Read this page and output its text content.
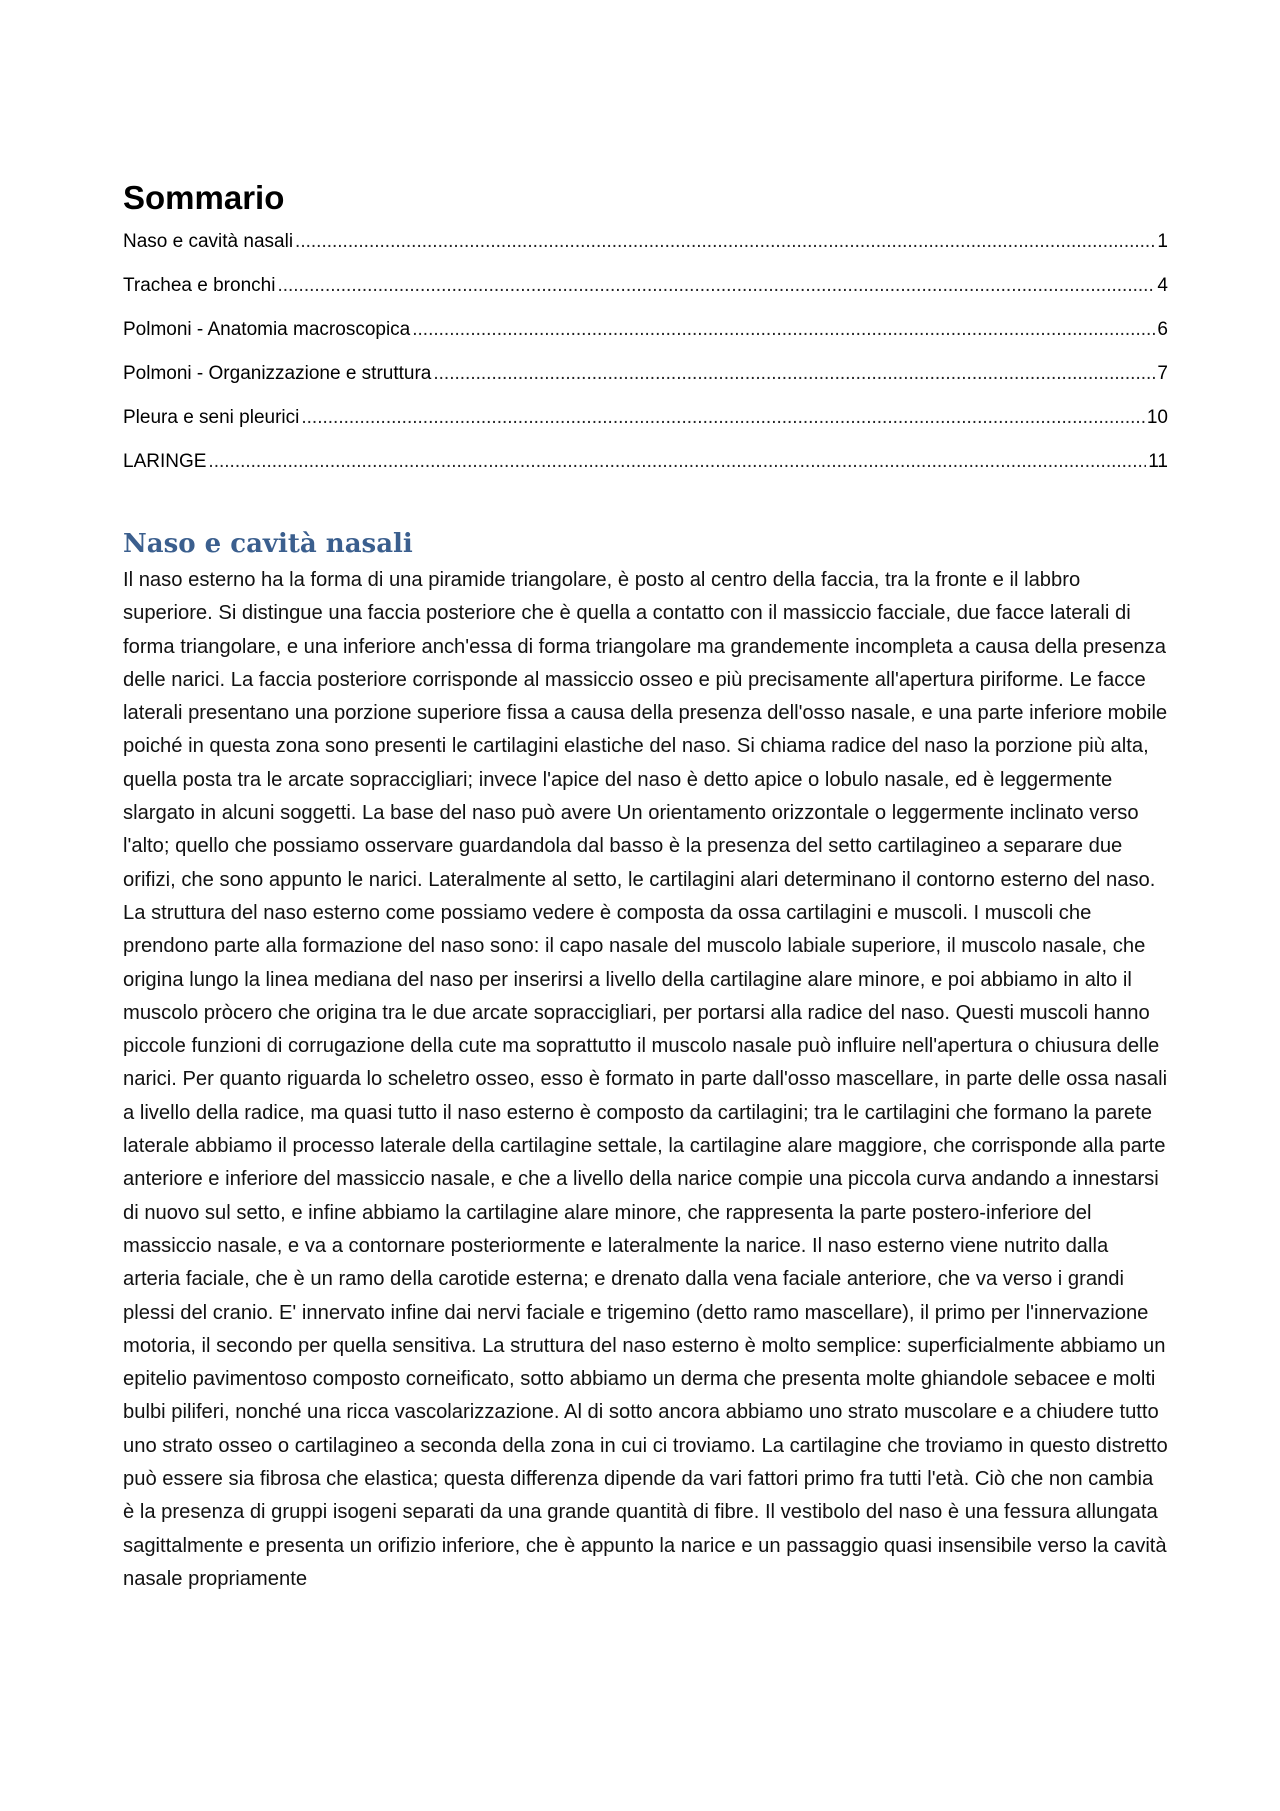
Sommario
Naso e cavità nasali .....	1
Trachea e bronchi .....	4
Polmoni - Anatomia macroscopica .....	6
Polmoni - Organizzazione e struttura .....	7
Pleura e seni pleurici .....	10
LARINGE .....	11
Naso e cavità nasali

Il naso esterno ha la forma di una piramide triangolare, è posto al centro della faccia, tra la fronte e il labbro superiore. Si distingue una faccia posteriore che è quella a contatto con il massiccio facciale, due facce laterali di forma triangolare, e una inferiore anch'essa di forma triangolare ma grandemente incompleta a causa della presenza delle narici. La faccia posteriore corrisponde al massiccio osseo e più precisamente all'apertura piriforme. Le facce laterali presentano una porzione superiore fissa a causa della presenza dell'osso nasale, e una parte inferiore mobile poiché in questa zona sono presenti le cartilagini elastiche del naso. Si chiama radice del naso la porzione più alta, quella posta tra le arcate sopraccigliari; invece l'apice del naso è detto apice o lobulo nasale, ed è leggermente slargato in alcuni soggetti. La base del naso può avere Un orientamento orizzontale o leggermente inclinato verso l'alto; quello che possiamo osservare guardandola dal basso è la presenza del setto cartilagineo a separare due orifizi, che sono appunto le narici. Lateralmente al setto, le cartilagini alari determinano il contorno esterno del naso. La struttura del naso esterno come possiamo vedere è composta da ossa cartilagini e muscoli. I muscoli che prendono parte alla formazione del naso sono: il capo nasale del muscolo labiale superiore, il muscolo nasale, che origina lungo la linea mediana del naso per inserirsi a livello della cartilagine alare minore, e poi abbiamo in alto il muscolo pròcero che origina tra le due arcate sopraccigliari, per portarsi alla radice del naso. Questi muscoli hanno piccole funzioni di corrugazione della cute ma soprattutto il muscolo nasale può influire nell'apertura o chiusura delle narici. Per quanto riguarda lo scheletro osseo, esso è formato in parte dall'osso mascellare, in parte delle ossa nasali a livello della radice, ma quasi tutto il naso esterno è composto da cartilagini; tra le cartilagini che formano la parete laterale abbiamo il processo laterale della cartilagine settale, la cartilagine alare maggiore, che corrisponde alla parte anteriore e inferiore del massiccio nasale, e che a livello della narice compie una piccola curva andando a innestarsi di nuovo sul setto, e infine abbiamo la cartilagine alare minore, che rappresenta la parte postero-inferiore del massiccio nasale, e va a contornare posteriormente e lateralmente la narice. Il naso esterno viene nutrito dalla arteria faciale, che è un ramo della carotide esterna; e drenato dalla vena faciale anteriore, che va verso i grandi plessi del cranio. E' innervato infine dai nervi faciale e trigemino (detto ramo mascellare), il primo per l'innervazione motoria, il secondo per quella sensitiva. La struttura del naso esterno è molto semplice: superficialmente abbiamo un epitelio pavimentoso composto corneificato, sotto abbiamo un derma che presenta molte ghiandole sebacee e molti bulbi piliferi, nonché una ricca vascolarizzazione. Al di sotto ancora abbiamo uno strato muscolare e a chiudere tutto uno strato osseo o cartilagineo a seconda della zona in cui ci troviamo. La cartilagine che troviamo in questo distretto può essere sia fibrosa che elastica; questa differenza dipende da vari fattori primo fra tutti l'età. Ciò che non cambia è la presenza di gruppi isogeni separati da una grande quantità di fibre. Il vestibolo del naso è una fessura allungata sagittalmente e presenta un orifizio inferiore, che è appunto la narice e un passaggio quasi insensibile verso la cavità nasale propriamente
